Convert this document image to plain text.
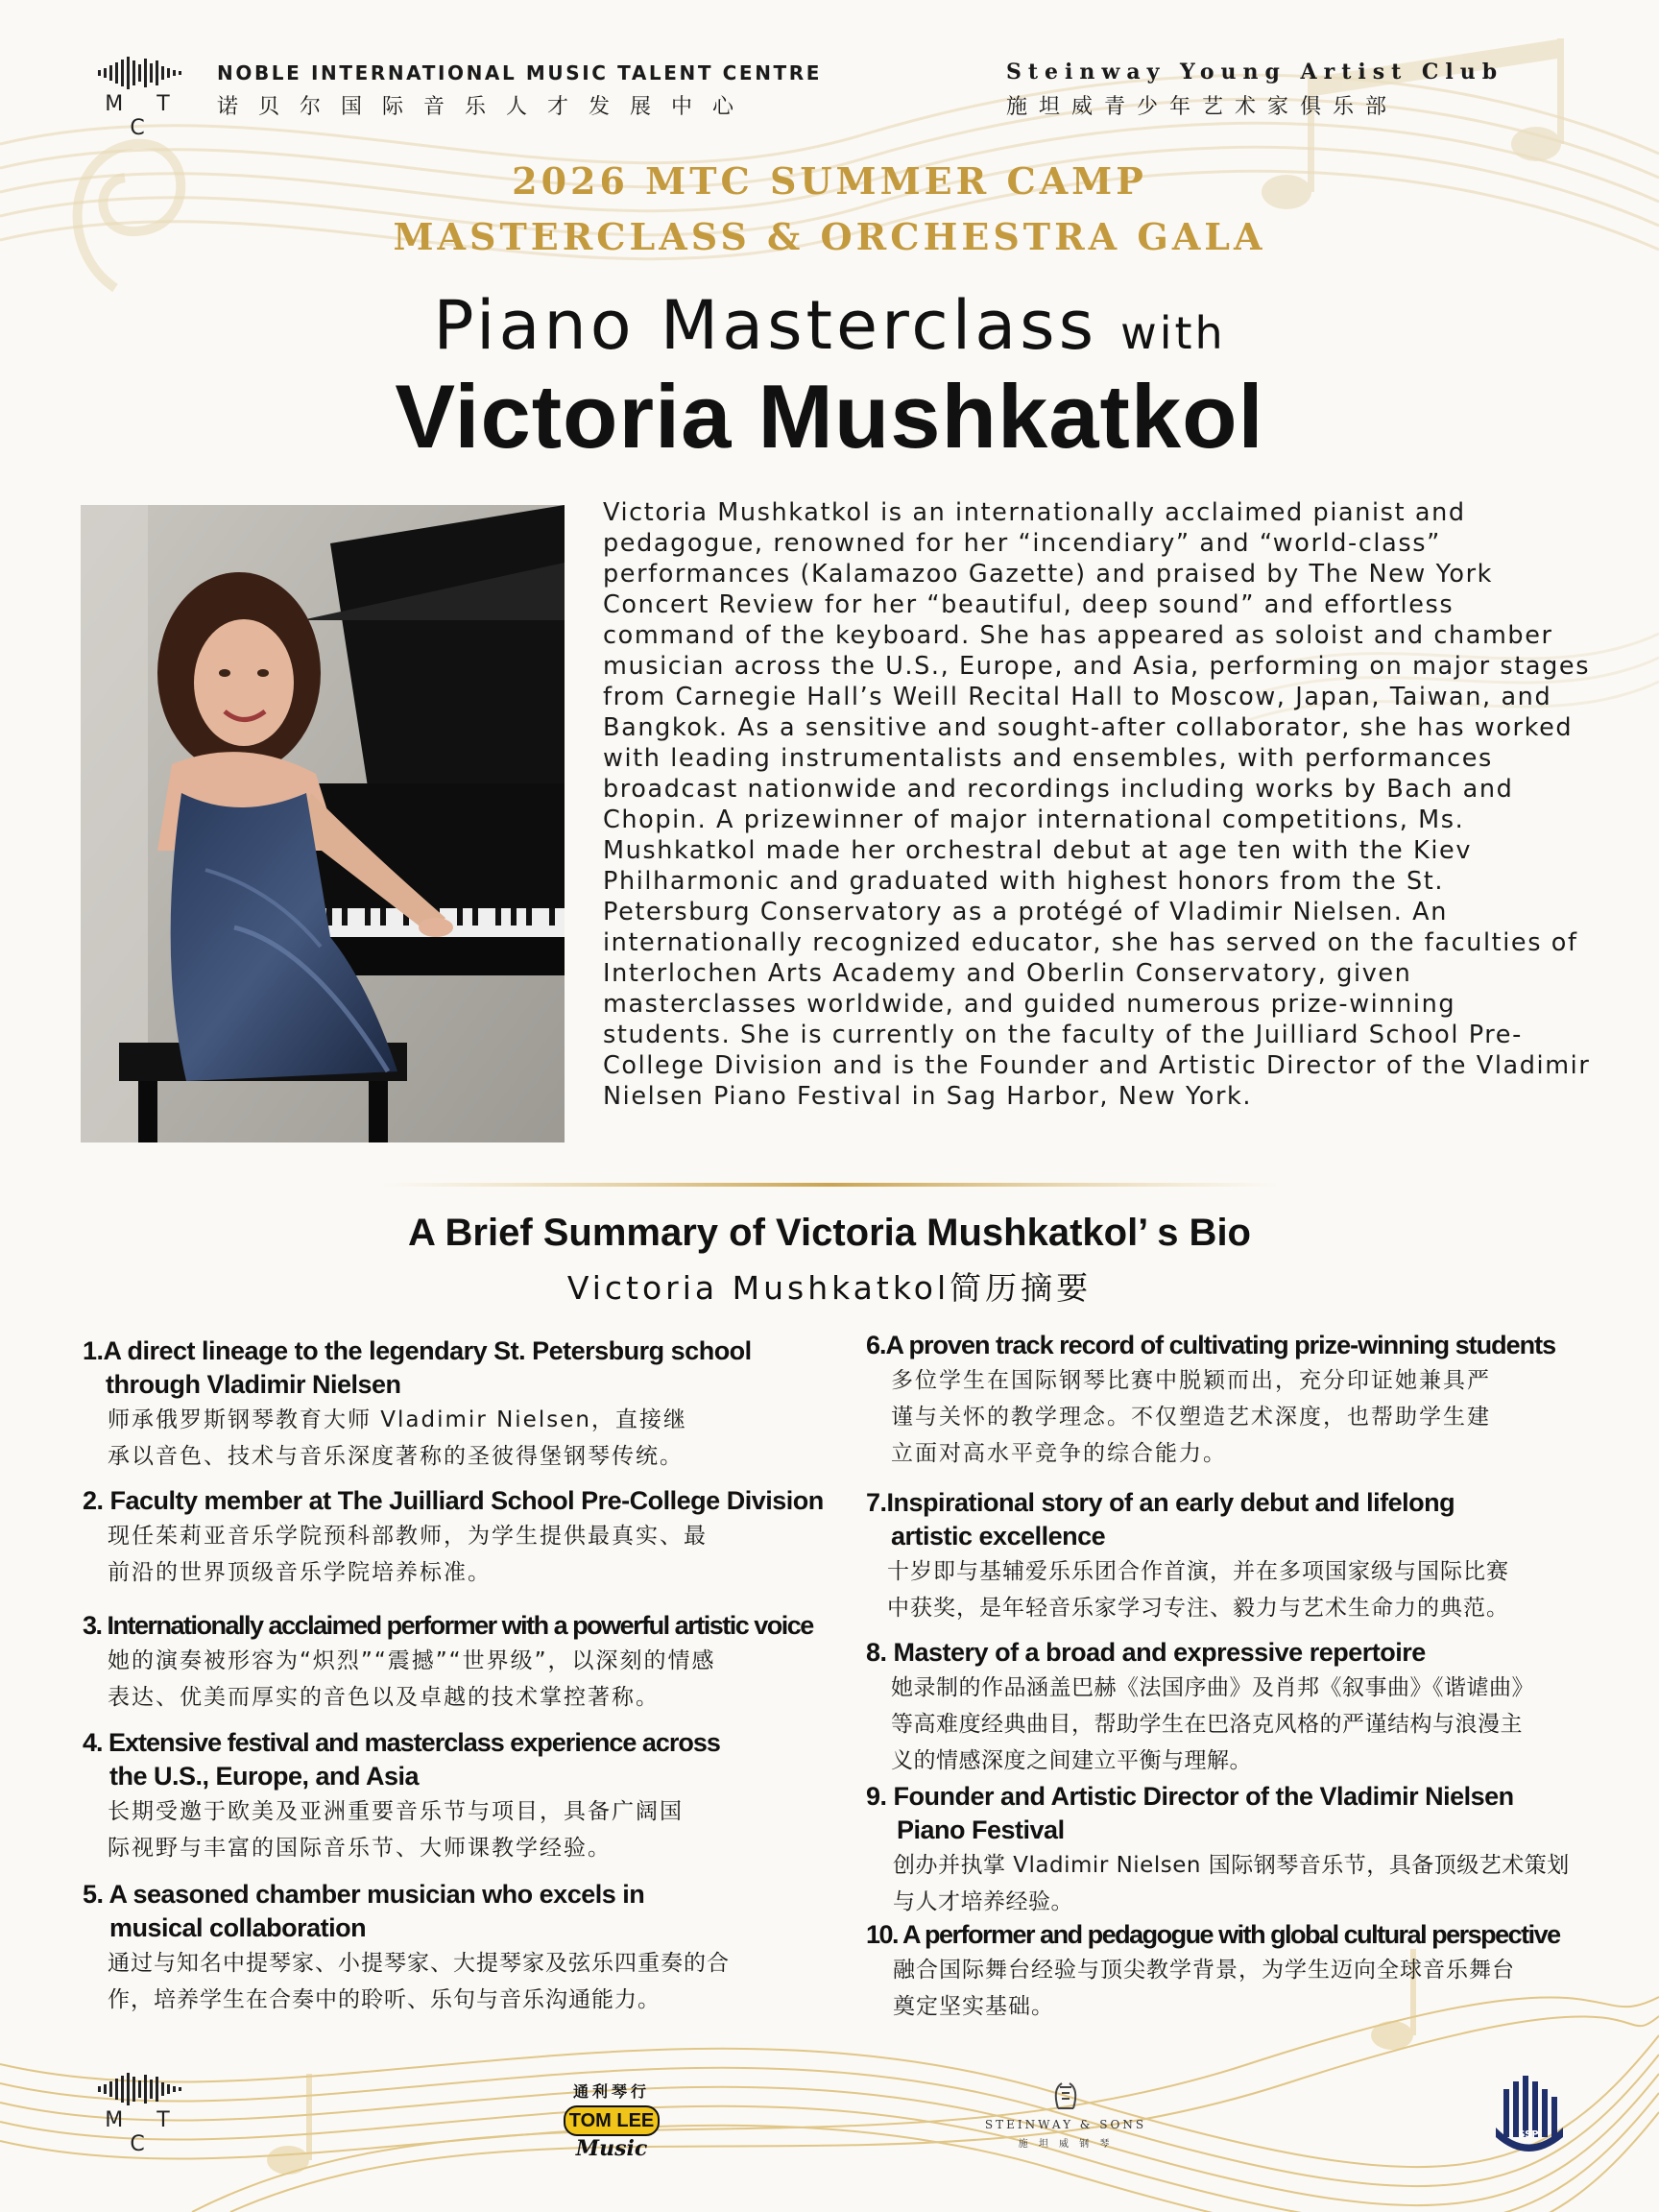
M T C
NOBLE INTERNATIONAL MUSIC TALENT CENTRE
诺贝尔国际音乐人才发展中心
Steinway Young Artist Club
施坦威青少年艺术家俱乐部
2026 MTC SUMMER CAMP
MASTERCLASS & ORCHESTRA GALA
Piano Masterclass with
Victoria Mushkatkol
Victoria Mushkatkol is an internationally acclaimed pianist and pedagogue, renowned for her “incendiary” and “world-class” performances (Kalamazoo Gazette) and praised by The New York Concert Review for her “beautiful, deep sound” and effortless command of the keyboard. She has appeared as soloist and chamber musician across the U.S., Europe, and Asia, performing on major stages from Carnegie Hall’s Weill Recital Hall to Moscow, Japan, Taiwan, and Bangkok. As a sensitive and sought-after collaborator, she has worked with leading instrumentalists and ensembles, with performances broadcast nationwide and recordings including works by Bach and Chopin. A prizewinner of major international competitions, Ms. Mushkatkol made her orchestral debut at age ten with the Kiev Philharmonic and graduated with highest honors from the St. Petersburg Conservatory as a protégé of Vladimir Nielsen. An internationally recognized educator, she has served on the faculties of Interlochen Arts Academy and Oberlin Conservatory, given masterclasses worldwide, and guided numerous prize-winning students. She is currently on the faculty of the Juilliard School Pre-College Division and is the Founder and Artistic Director of the Vladimir Nielsen Piano Festival in Sag Harbor, New York.
A Brief Summary of Victoria Mushkatkol’ s Bio
Victoria Mushkatkol简历摘要
1.A direct lineage to the legendary St. Petersburg school
through Vladimir Nielsen
师承俄罗斯钢琴教育大师 Vladimir Nielsen，直接继
承以音色、技术与音乐深度著称的圣彼得堡钢琴传统。
2. Faculty member at The Juilliard School Pre-College Division
现任茱莉亚音乐学院预科部教师，为学生提供最真实、最
前沿的世界顶级音乐学院培养标准。
3. Internationally acclaimed performer with a powerful artistic voice
她的演奏被形容为“炽烈”“震撼”“世界级”，以深刻的情感
表达、优美而厚实的音色以及卓越的技术掌控著称。
4. Extensive festival and masterclass experience across
the U.S., Europe, and Asia
长期受邀于欧美及亚洲重要音乐节与项目，具备广阔国
际视野与丰富的国际音乐节、大师课教学经验。
5. A seasoned chamber musician who excels in
musical collaboration
通过与知名中提琴家、小提琴家、大提琴家及弦乐四重奏的合
作，培养学生在合奏中的聆听、乐句与音乐沟通能力。
6.A proven track record of cultivating prize-winning students
多位学生在国际钢琴比赛中脱颖而出，充分印证她兼具严
谨与关怀的教学理念。不仅塑造艺术深度，也帮助学生建
立面对高水平竞争的综合能力。
7.Inspirational story of an early debut and lifelong
artistic excellence
十岁即与基辅爱乐乐团合作首演，并在多项国家级与国际比赛
中获奖，是年轻音乐家学习专注、毅力与艺术生命力的典范。
8. Mastery of a broad and expressive repertoire
她录制的作品涵盖巴赫《法国序曲》及肖邦《叙事曲》《谐谑曲》
等高难度经典曲目，帮助学生在巴洛克风格的严谨结构与浪漫主
义的情感深度之间建立平衡与理解。
9. Founder and Artistic Director of the Vladimir Nielsen
Piano Festival
创办并执掌 Vladimir Nielsen 国际钢琴音乐节，具备顶级艺术策划
与人才培养经验。
10. A performer and pedagogue with global cultural perspective
融合国际舞台经验与顶尖教学背景，为学生迈向全球音乐舞台
奠定坚实基础。
M T C
通利琴行
TOM LEE
Music
STEINWAY & SONS
施 坦 威 钢 琴
SSP
